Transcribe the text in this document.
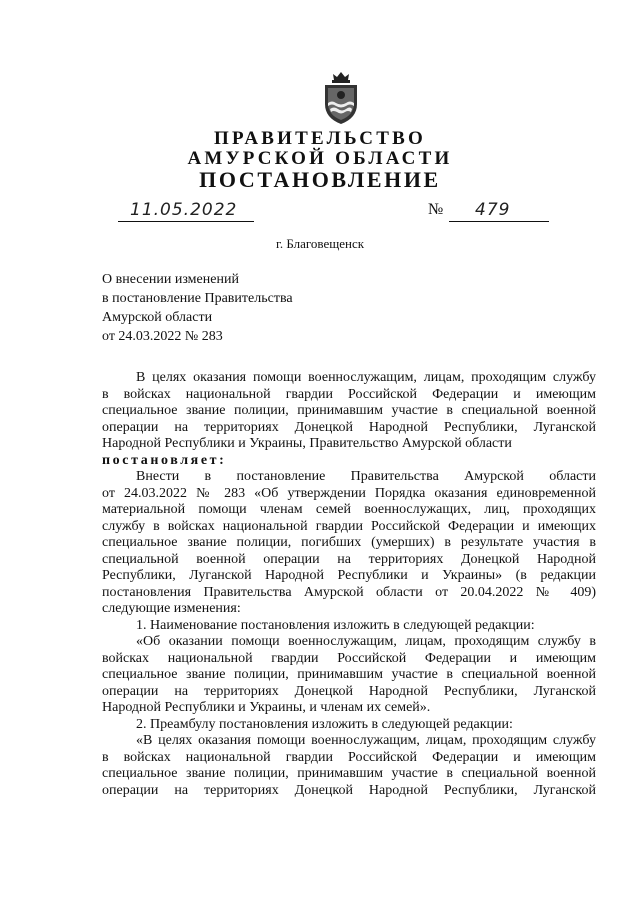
ПРАВИТЕЛЬСТВО
АМУРСКОЙ ОБЛАСТИ
ПОСТАНОВЛЕНИЕ
11.05.2022	№ 479
г. Благовещенск
О внесении изменений
в постановление Правительства
Амурской области
от 24.03.2022 № 283

В целях оказания помощи военнослужащим, лицам, проходящим службу

в войсках национальной гвардии Российской Федерации и имеющим

специальное звание полиции, принимавшим участие в специальной военной

операции на территориях Донецкой Народной Республики, Луганской

Народной Республики и Украины, Правительство Амурской области

постановляет:

Внести в постановление Правительства Амурской области

от 24.03.2022 № 283 «Об утверждении Порядка оказания единовременной

материальной помощи членам семей военнослужащих, лиц, проходящих

службу в войсках национальной гвардии Российской Федерации и имеющих

специальное звание полиции, погибших (умерших) в результате участия в

специальной военной операции на территориях Донецкой Народной

Республики, Луганской Народной Республики и Украины» (в редакции

постановления Правительства Амурской области от 20.04.2022 № 409)

следующие изменения:

1. Наименование постановления изложить в следующей редакции:

«Об оказании помощи военнослужащим, лицам, проходящим службу в

войсках национальной гвардии Российской Федерации и имеющим

специальное звание полиции, принимавшим участие в специальной военной

операции на территориях Донецкой Народной Республики, Луганской

Народной Республики и Украины, и членам их семей».

2. Преамбулу постановления изложить в следующей редакции:

«В целях оказания помощи военнослужащим, лицам, проходящим службу

в войсках национальной гвардии Российской Федерации и имеющим

специальное звание полиции, принимавшим участие в специальной военной

операции на территориях Донецкой Народной Республики, Луганской
